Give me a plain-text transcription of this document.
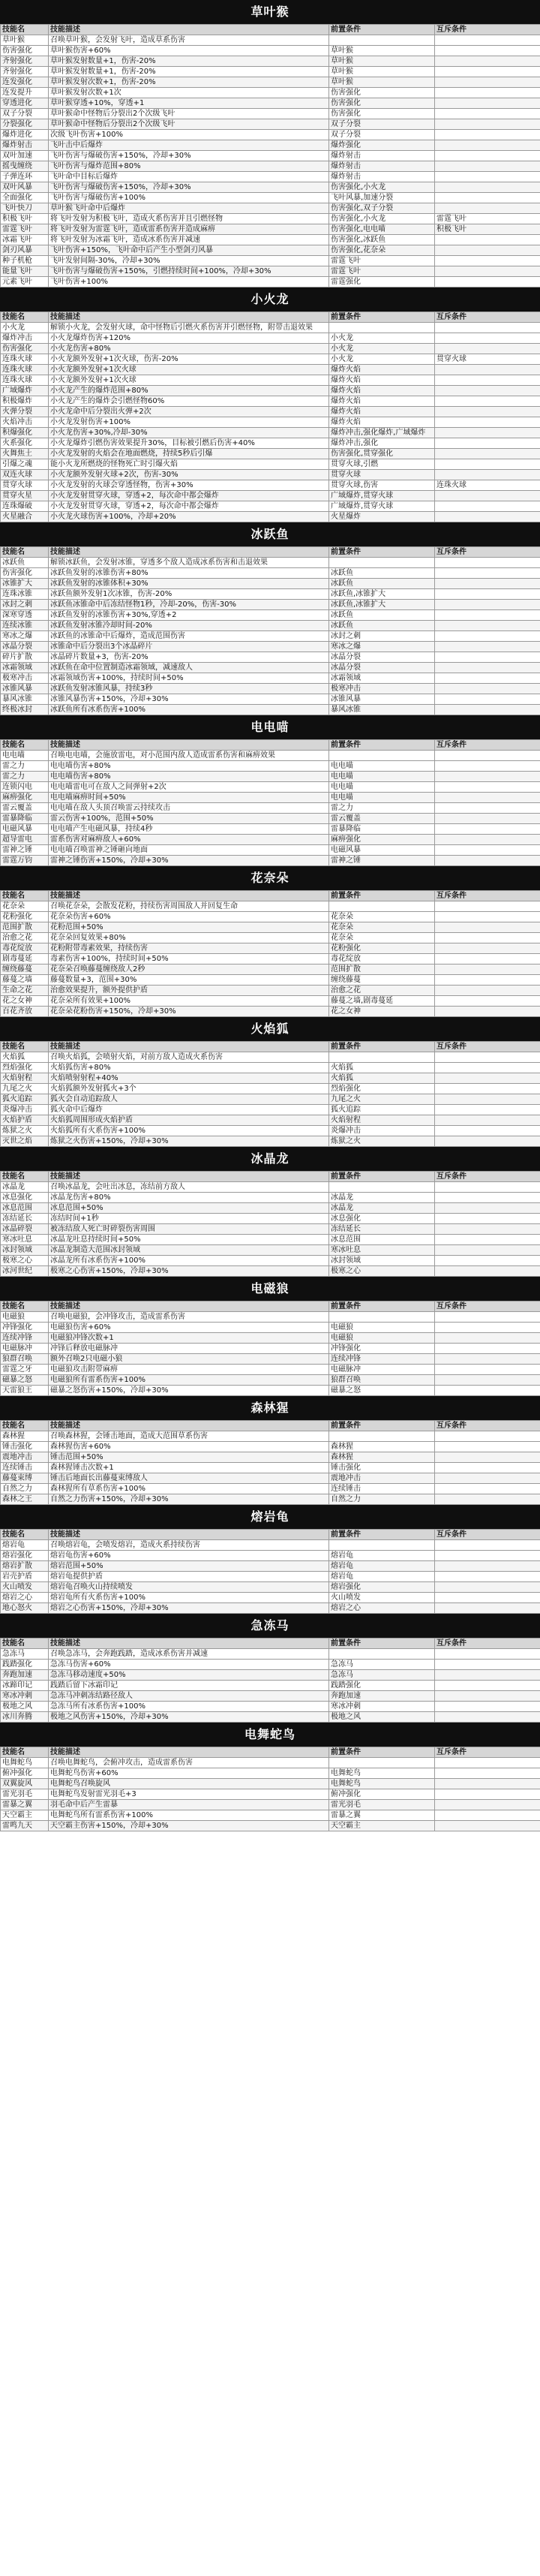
草叶猴
技能名	技能描述	前置条件	互斥条件
草叶猴	召唤草叶猴，会发射飞叶，造成草系伤害		
伤害强化	草叶猴伤害+60%	草叶猴	
齐射强化	草叶猴发射数量+1，伤害-20%	草叶猴	
齐射强化	草叶猴发射数量+1，伤害-20%	草叶猴	
连发强化	草叶猴发射次数+1，伤害-20%	草叶猴	
连发提升	草叶猴发射次数+1次	伤害强化	
穿透进化	草叶猴穿透+10%，穿透+1	伤害强化	
双子分裂	草叶猴命中怪物后分裂出2个次级飞叶	伤害强化	
分裂强化	草叶猴命中怪物后分裂出2个次级飞叶	双子分裂	
爆炸进化	次级飞叶伤害+100%	双子分裂	
爆炸射击	飞叶击中后爆炸	爆炸强化	
双叶加速	飞叶伤害与爆破伤害+150%，冷却+30%	爆炸射击	
摇曳缠绕	飞叶伤害与爆炸范围+80%	爆炸射击	
子弹连环	飞叶命中目标后爆炸	爆炸射击	
双叶风暴	飞叶伤害与爆破伤害+150%，冷却+30%	伤害强化,小火龙	
全面强化	飞叶伤害与爆破伤害+100%	飞叶风暴,加速分裂	
飞叶快刀	草叶猴飞叶命中后爆炸	伤害强化,双子分裂	
积极飞叶	将飞叶发射为积极飞叶，造成火系伤害并且引燃怪物	伤害强化,小火龙	雷霆飞叶
雷霆飞叶	将飞叶发射为雷霆飞叶，造成雷系伤害并造成麻痹	伤害强化,电电喵	积极飞叶
冰霜飞叶	将飞叶发射为冰霜飞叶，造成冰系伤害并减速	伤害强化,冰跃鱼	
剑刃风暴	飞叶伤害+150%，飞叶命中后产生小型剑刃风暴	伤害强化,花奈朵	
种子机枪	飞叶发射间隔-30%，冷却+30%	雷霆飞叶	
能量飞叶	飞叶伤害与爆破伤害+150%，引燃持续时间+100%，冷却+30%	雷霆飞叶	
元素飞叶	飞叶伤害+100%	雷霆强化	
小火龙
技能名	技能描述	前置条件	互斥条件
小火龙	解锁小火龙，会发射火球，命中怪物后引燃火系伤害并引燃怪物，附带击退效果		
爆炸冲击	小火龙爆炸伤害+120%	小火龙	
伤害强化	小火龙伤害+80%	小火龙	
连珠火球	小火龙额外发射+1次火球，伤害-20%	小火龙	贯穿火球
连珠火球	小火龙额外发射+1次火球	爆炸火焰	
连珠火球	小火龙额外发射+1次火球	爆炸火焰	
广域爆炸	小火龙产生的爆炸范围+80%	爆炸火焰	
积极爆炸	小火龙产生的爆炸会引燃怪物60%	爆炸火焰	
火弹分裂	小火龙命中后分裂出火弹+2次	爆炸火焰	
火焰冲击	小火龙发射伤害+100%	爆炸火焰	
积爆强化	小火龙伤害+30%,冷却-30%	爆炸冲击,强化爆炸,广域爆炸	
火系强化	小火龙爆炸引燃伤害效果提升30%，目标被引燃后伤害+40%	爆炸冲击,强化	
火舞焦土	小火龙发射的火焰会在地面燃烧，持续5秒后引爆	伤害强化,贯穿强化	
引爆之魂	能小火龙所燃烧的怪物死亡时引爆火焰	贯穿火球,引燃	
双连火球	小火龙额外发射火球+2次，伤害-30%	贯穿火球	
贯穿火球	小火龙发射的火球会穿透怪物，伤害+30%	贯穿火球,伤害	连珠火球
贯穿火星	小火龙发射贯穿火球，穿透+2，每次命中都会爆炸	广域爆炸,贯穿火球	
连珠爆破	小火龙发射贯穿火球，穿透+2，每次命中都会爆炸	广域爆炸,贯穿火球	
火星融合	小火龙火球伤害+100%，冷却+20%	火星爆炸	
冰跃鱼
技能名	技能描述	前置条件	互斥条件
冰跃鱼	解锁冰跃鱼，会发射冰锥，穿透多个敌人造成冰系伤害和击退效果		
伤害强化	冰跃鱼发射的冰锥伤害+80%	冰跃鱼	
冰锥扩大	冰跃鱼发射的冰锥体积+30%	冰跃鱼	
连珠冰锥	冰跃鱼额外发射1次冰锥，伤害-20%	冰跃鱼,冰锥扩大	
冰封之刺	冰跃鱼冰锥命中后冻结怪物1秒，冷却-20%，伤害-30%	冰跃鱼,冰锥扩大	
深寒穿透	冰跃鱼发射的冰锥伤害+30%,穿透+2	冰跃鱼	
连续冰锥	冰跃鱼发射冰锥冷却时间-20%	冰跃鱼	
寒冰之爆	冰跃鱼的冰锥命中后爆炸，造成范围伤害	冰封之刺	
冰晶分裂	冰锥命中后分裂出3个冰晶碎片	寒冰之爆	
碎片扩散	冰晶碎片数量+3，伤害-20%	冰晶分裂	
冰霜领域	冰跃鱼在命中位置制造冰霜领域，减速敌人	冰晶分裂	
极寒冲击	冰霜领域伤害+100%，持续时间+50%	冰霜领域	
冰锥风暴	冰跃鱼发射冰锥风暴，持续3秒	极寒冲击	
暴风冰锥	冰锥风暴伤害+150%，冷却+30%	冰锥风暴	
终极冰封	冰跃鱼所有冰系伤害+100%	暴风冰锥	
电电喵
技能名	技能描述	前置条件	互斥条件
电电喵	召唤电电喵，会施放雷电，对小范围内敌人造成雷系伤害和麻痹效果		
雷之力	电电喵伤害+80%	电电喵	
雷之力	电电喵伤害+80%	电电喵	
连锁闪电	电电喵雷电可在敌人之间弹射+2次	电电喵	
麻痹强化	电电喵麻痹时间+50%	电电喵	
雷云覆盖	电电喵在敌人头顶召唤雷云持续攻击	雷之力	
雷暴降临	雷云伤害+100%，范围+50%	雷云覆盖	
电磁风暴	电电喵产生电磁风暴，持续4秒	雷暴降临	
超导雷电	雷系伤害对麻痹敌人+60%	麻痹强化	
雷神之锤	电电喵召唤雷神之锤砸向地面	电磁风暴	
雷霆万钧	雷神之锤伤害+150%，冷却+30%	雷神之锤	
花奈朵
技能名	技能描述	前置条件	互斥条件
花奈朵	召唤花奈朵，会散发花粉，持续伤害周围敌人并回复生命		
花粉强化	花奈朵伤害+60%	花奈朵	
范围扩散	花粉范围+50%	花奈朵	
治愈之花	花奈朵回复效果+80%	花奈朵	
毒花绽放	花粉附带毒素效果，持续伤害	花粉强化	
剧毒蔓延	毒素伤害+100%，持续时间+50%	毒花绽放	
缠绕藤蔓	花奈朵召唤藤蔓缠绕敌人2秒	范围扩散	
藤蔓之墙	藤蔓数量+3，范围+30%	缠绕藤蔓	
生命之花	治愈效果提升，额外提供护盾	治愈之花	
花之女神	花奈朵所有效果+100%	藤蔓之墙,剧毒蔓延	
百花齐放	花奈朵花粉伤害+150%，冷却+30%	花之女神	
火焰狐
技能名	技能描述	前置条件	互斥条件
火焰狐	召唤火焰狐，会喷射火焰，对前方敌人造成火系伤害		
烈焰强化	火焰狐伤害+80%	火焰狐	
火焰射程	火焰喷射射程+40%	火焰狐	
九尾之火	火焰狐额外发射狐火+3个	烈焰强化	
狐火追踪	狐火会自动追踪敌人	九尾之火	
炎爆冲击	狐火命中后爆炸	狐火追踪	
火焰护盾	火焰狐周围形成火焰护盾	火焰射程	
炼狱之火	火焰狐所有火系伤害+100%	炎爆冲击	
灭世之焰	炼狱之火伤害+150%，冷却+30%	炼狱之火	
冰晶龙
技能名	技能描述	前置条件	互斥条件
冰晶龙	召唤冰晶龙，会吐出冰息，冻结前方敌人		
冰息强化	冰晶龙伤害+80%	冰晶龙	
冰息范围	冰息范围+50%	冰晶龙	
冻结延长	冻结时间+1秒	冰息强化	
冰晶碎裂	被冻结敌人死亡时碎裂伤害周围	冻结延长	
寒冰吐息	冰晶龙吐息持续时间+50%	冰息范围	
冰封领域	冰晶龙制造大范围冰封领域	寒冰吐息	
极寒之心	冰晶龙所有冰系伤害+100%	冰封领域	
冰河世纪	极寒之心伤害+150%，冷却+30%	极寒之心	
电磁狼
技能名	技能描述	前置条件	互斥条件
电磁狼	召唤电磁狼，会冲锋攻击，造成雷系伤害		
冲锋强化	电磁狼伤害+60%	电磁狼	
连续冲锋	电磁狼冲锋次数+1	电磁狼	
电磁脉冲	冲锋后释放电磁脉冲	冲锋强化	
狼群召唤	额外召唤2只电磁小狼	连续冲锋	
雷霆之牙	电磁狼攻击附带麻痹	电磁脉冲	
磁暴之怒	电磁狼所有雷系伤害+100%	狼群召唤	
天雷狼王	磁暴之怒伤害+150%，冷却+30%	磁暴之怒	
森林猩
技能名	技能描述	前置条件	互斥条件
森林猩	召唤森林猩，会锤击地面，造成大范围草系伤害		
锤击强化	森林猩伤害+60%	森林猩	
震地冲击	锤击范围+50%	森林猩	
连续锤击	森林猩锤击次数+1	锤击强化	
藤蔓束缚	锤击后地面长出藤蔓束缚敌人	震地冲击	
自然之力	森林猩所有草系伤害+100%	连续锤击	
森林之王	自然之力伤害+150%，冷却+30%	自然之力	
熔岩龟
技能名	技能描述	前置条件	互斥条件
熔岩龟	召唤熔岩龟，会喷发熔岩，造成火系持续伤害		
熔岩强化	熔岩龟伤害+60%	熔岩龟	
熔岩扩散	熔岩范围+50%	熔岩龟	
岩壳护盾	熔岩龟提供护盾	熔岩龟	
火山喷发	熔岩龟召唤火山持续喷发	熔岩强化	
熔岩之心	熔岩龟所有火系伤害+100%	火山喷发	
地心怒火	熔岩之心伤害+150%，冷却+30%	熔岩之心	
急冻马
技能名	技能描述	前置条件	互斥条件
急冻马	召唤急冻马，会奔跑践踏，造成冰系伤害并减速		
践踏强化	急冻马伤害+60%	急冻马	
奔跑加速	急冻马移动速度+50%	急冻马	
冰蹄印记	践踏后留下冰霜印记	践踏强化	
寒冰冲刺	急冻马冲刺冻结路径敌人	奔跑加速	
极地之风	急冻马所有冰系伤害+100%	寒冰冲刺	
冰川奔腾	极地之风伤害+150%，冷却+30%	极地之风	
电舞蛇鸟
技能名	技能描述	前置条件	互斥条件
电舞蛇鸟	召唤电舞蛇鸟，会俯冲攻击，造成雷系伤害		
俯冲强化	电舞蛇鸟伤害+60%	电舞蛇鸟	
双翼旋风	电舞蛇鸟召唤旋风	电舞蛇鸟	
雷光羽毛	电舞蛇鸟发射雷光羽毛+3	俯冲强化	
雷暴之翼	羽毛命中后产生雷暴	雷光羽毛	
天空霸主	电舞蛇鸟所有雷系伤害+100%	雷暴之翼	
雷鸣九天	天空霸主伤害+150%，冷却+30%	天空霸主	
